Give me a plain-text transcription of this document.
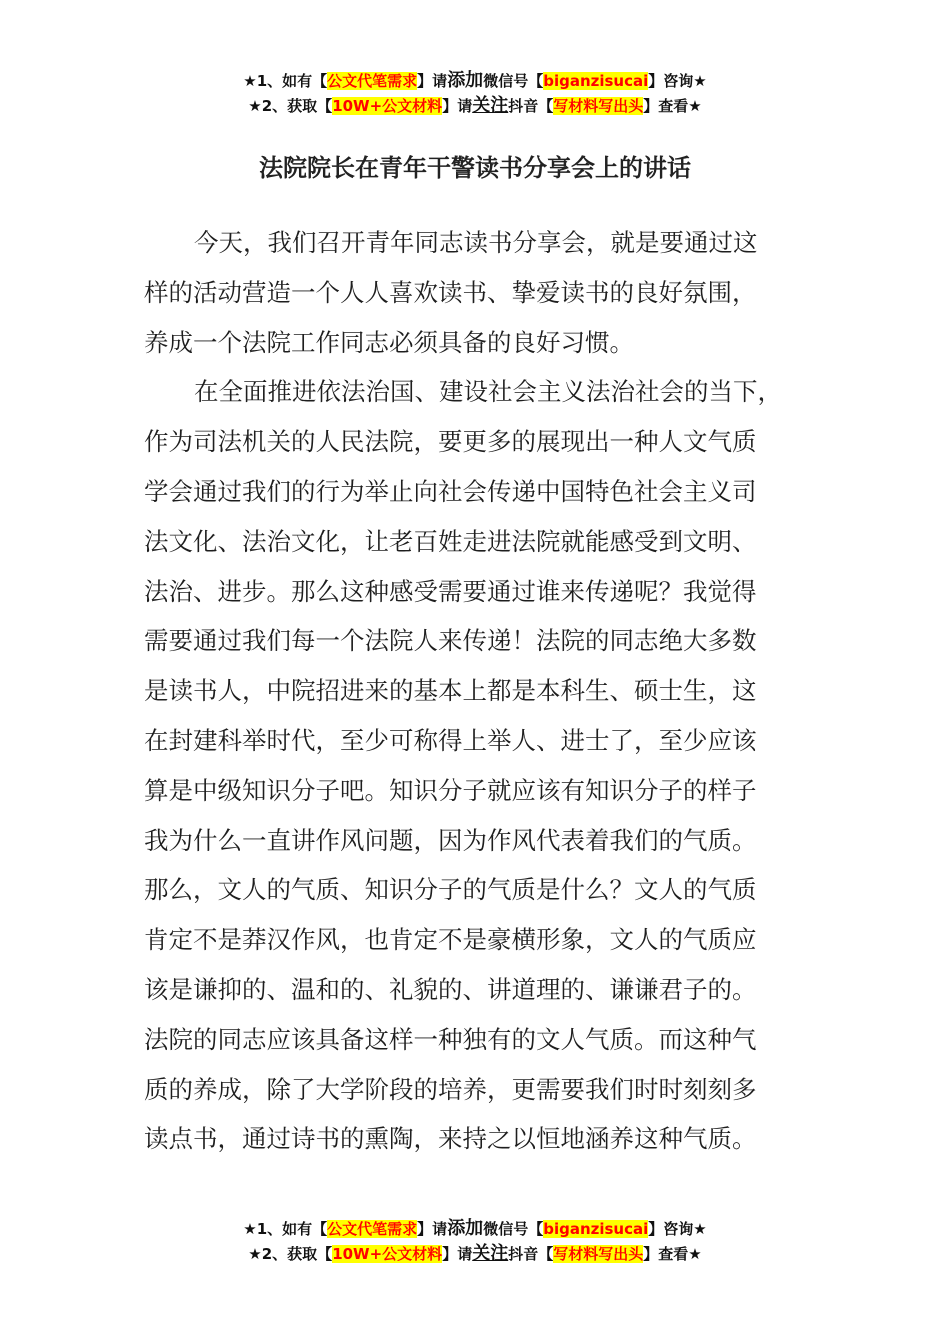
★1、如有【公文代笔需求】请添加微信号【biganzisucai】咨询★
★2、获取【10W+公文材料】请关注抖音【写材料写出头】查看★
法院院长在青年干警读书分享会上的讲话
今天，我们召开青年同志读书分享会，就是要通过这
样的活动营造一个人人喜欢读书、挚爱读书的良好氛围，
养成一个法院工作同志必须具备的良好习惯。
在全面推进依法治国、建设社会主义法治社会的当下，
作为司法机关的人民法院，要更多的展现出一种人文气质
学会通过我们的行为举止向社会传递中国特色社会主义司
法文化、法治文化，让老百姓走进法院就能感受到文明、
法治、进步。那么这种感受需要通过谁来传递呢？我觉得
需要通过我们每一个法院人来传递！法院的同志绝大多数
是读书人，中院招进来的基本上都是本科生、硕士生，这
在封建科举时代，至少可称得上举人、进士了，至少应该
算是中级知识分子吧。知识分子就应该有知识分子的样子
我为什么一直讲作风问题，因为作风代表着我们的气质。
那么，文人的气质、知识分子的气质是什么？文人的气质
肯定不是莽汉作风，也肯定不是豪横形象，文人的气质应
该是谦抑的、温和的、礼貌的、讲道理的、谦谦君子的。
法院的同志应该具备这样一种独有的文人气质。而这种气
质的养成，除了大学阶段的培养，更需要我们时时刻刻多
读点书，通过诗书的熏陶，来持之以恒地涵养这种气质。
★1、如有【公文代笔需求】请添加微信号【biganzisucai】咨询★
★2、获取【10W+公文材料】请关注抖音【写材料写出头】查看★
